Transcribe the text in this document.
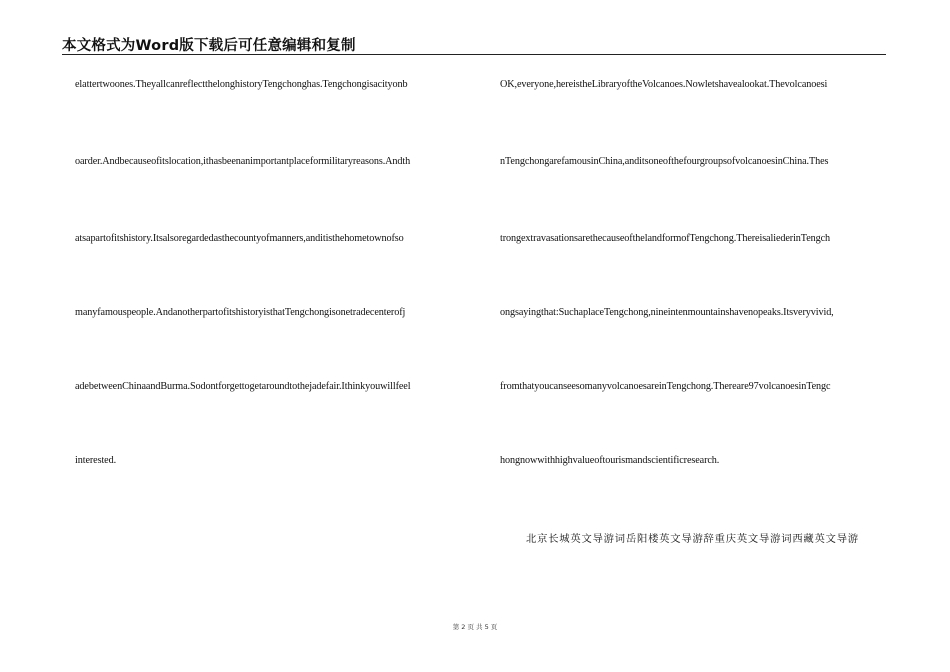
本文格式为Word版下载后可任意编辑和复制
elattertwoones.TheyallcanreflectthelonghistoryTengchonghas.Tengchongisacityonb
oarder.Andbecauseofitslocation,ithasbeenanimportantplaceformilitaryreasons.Andth
atsapartofitshistory.Itsalsoregardedasthecountyofmanners,anditisthehometownofso
manyfamouspeople.AndanotherpartofitshistoryisthatTengchongisonetradecenterofj
adebetweenChinaandBurma.Sodontforgettogetaroundtothejadefair.Ithinkyouwillfeel
interested.
OK,everyone,hereistheLibraryoftheVolcanoes.Nowletshavealookat.Thevolcanoesi
nTengchongarefamousinChina,anditsoneofthefourgroupsofvolcanoesinChina.Thes
trongextravasationsarethecauseofthelandformofTengchong.ThereisaliederinTengch
ongsayingthat:SuchaplaceTengchong,nineintenmountainshavenopeaks.Itsveryvivid,
fromthatyoucanseesomanyvolcanoesareinTengchong.Thereare97volcanoesinTengc
hongnowwithhighvalueoftourismandscientificresearch.
北京长城英文导游词岳阳楼英文导游辞重庆英文导游词西藏英文导游
第 2 页 共 5 页
